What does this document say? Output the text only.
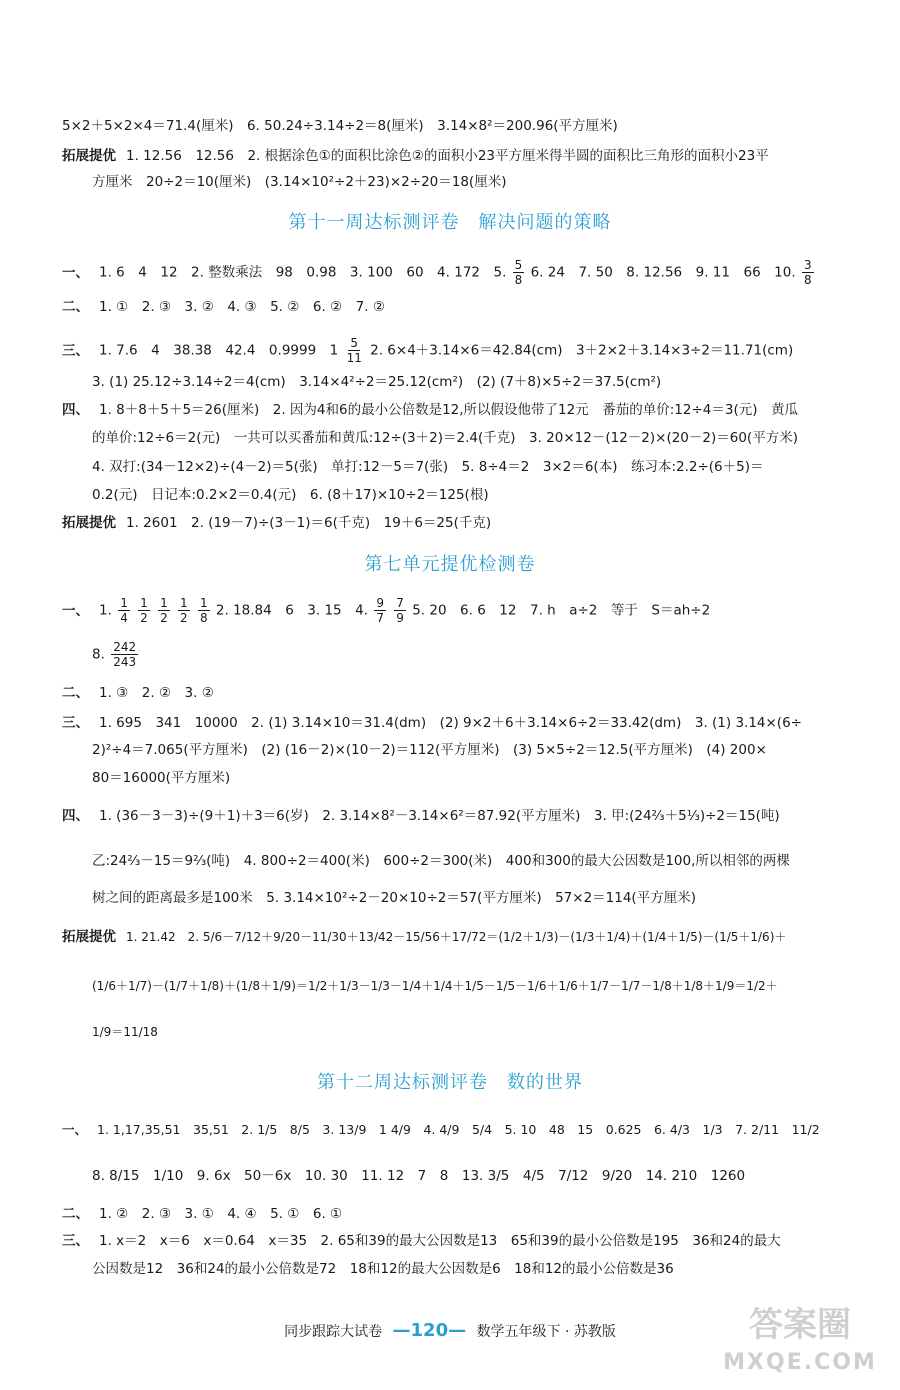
5×2＋5×2×4＝71.4(厘米)　6. 50.24÷3.14÷2＝8(厘米)　3.14×8²＝200.96(平方厘米)
拓展提优 1. 12.56　12.56　2. 根据涂色①的面积比涂色②的面积小23平方厘米得半圆的面积比三角形的面积小23平
方厘米　20÷2＝10(厘米)　(3.14×10²÷2＋23)×2÷20＝18(厘米)
第十一周达标测评卷　解决问题的策略
一、 1. 6　4　12　2. 整数乘法　98　0.98　3. 100　60　4. 172　5. $\frac{5}{8} 6$. 24　7. 50　8. 12.56　9. 11　66　10. $\frac{3}{8}$
二、 1. ①　2. ③　3. ②　4. ③　5. ②　6. ②　7. ②
三、 1. 7.6　4　38.38　42.4　0.9999　$1 \frac{5}{11} 2$. 6×4＋3.14×6＝42.84(cm)　3＋2×2＋3.14×3÷2＝11.71(cm)
3. (1) 25.12÷3.14÷2＝4(cm)　3.14×4²÷2＝25.12(cm²)　(2) (7＋8)×5÷2＝37.5(cm²)
四、 1. 8＋8＋5＋5＝26(厘米)　2. 因为4和6的最小公倍数是12,所以假设他带了12元　番茄的单价:12÷4＝3(元)　黄瓜
的单价:12÷6＝2(元)　一共可以买番茄和黄瓜:12÷(3＋2)＝2.4(千克)　3. 20×12－(12－2)×(20－2)＝60(平方米)
4. 双打:(34－12×2)÷(4－2)＝5(张)　单打:12－5＝7(张)　5. 8÷4＝2　3×2＝6(本)　练习本:2.2÷(6＋5)＝
0.2(元)　日记本:0.2×2＝0.4(元)　6. (8＋17)×10÷2＝125(根)
拓展提优 1. 2601　2. (19－7)÷(3－1)＝6(千克)　19＋6＝25(千克)
第七单元提优检测卷
一、 1. $\frac{1}{4}$
$\frac{1}{2}$
$\frac{1}{2}$
$\frac{1}{2}$
$\frac{1}{8} 2$. 18.84　6　3. 15　4. $\frac{9}{7}$
$\frac{7}{9} 5$. 20　6. 6　12　7. h　a÷2　等于　S＝ah÷2
8. $\frac{242}{243}$
二、 1. ③　2. ②　3. ②
三、 1. 695　341　10000　2. (1) 3.14×10＝31.4(dm)　(2) 9×2＋6＋3.14×6÷2＝33.42(dm)　3. (1) 3.14×(6÷
2)²÷4＝7.065(平方厘米)　(2) (16－2)×(10－2)＝112(平方厘米)　(3) 5×5÷2＝12.5(平方厘米)　(4) 200×
80＝16000(平方厘米)
四、 1. (36－3－3)÷(9＋1)＋3＝6(岁)　2. 3.14×8²－3.14×6²＝87.92(平方厘米)　3. 甲:(24⅔＋5⅓)÷2＝15(吨)
乙:24⅔－15＝9⅔(吨)　4. 800÷2＝400(米)　600÷2＝300(米)　400和300的最大公因数是100,所以相邻的两棵
树之间的距离最多是100米　5. 3.14×10²÷2－20×10÷2＝57(平方厘米)　57×2＝114(平方厘米)
拓展提优 1. 21.42　2. 5/6－7/12＋9/20－11/30＋13/42－15/56＋17/72＝(1/2＋1/3)－(1/3＋1/4)＋(1/4＋1/5)－(1/5＋1/6)＋
(1/6＋1/7)－(1/7＋1/8)＋(1/8＋1/9)＝1/2＋1/3－1/3－1/4＋1/4＋1/5－1/5－1/6＋1/6＋1/7－1/7－1/8＋1/8＋1/9＝1/2＋
1/9＝11/18
第十二周达标测评卷　数的世界
一、 1. 1,17,35,51　35,51　2. 1/5　8/5　3. 13/9　1 4/9　4. 4/9　5/4　5. 10　48　15　0.625　6. 4/3　1/3　7. 2/11　11/2
8. 8/15　1/10　9. 6x　50－6x　10. 30　11. 12　7　8　13. 3/5　4/5　7/12　9/20　14. 210　1260
二、 1. ②　2. ③　3. ①　4. ④　5. ①　6. ①
三、 1. x＝2　x＝6　x＝0.64　x＝35　2. 65和39的最大公因数是13　65和39的最小公倍数是195　36和24的最大
公因数是12　36和24的最小公倍数是72　18和12的最大公因数是6　18和12的最小公倍数是36
同步跟踪大试卷 —120— 数学五年级下 · 苏教版	答案圈
MXQE.COM
